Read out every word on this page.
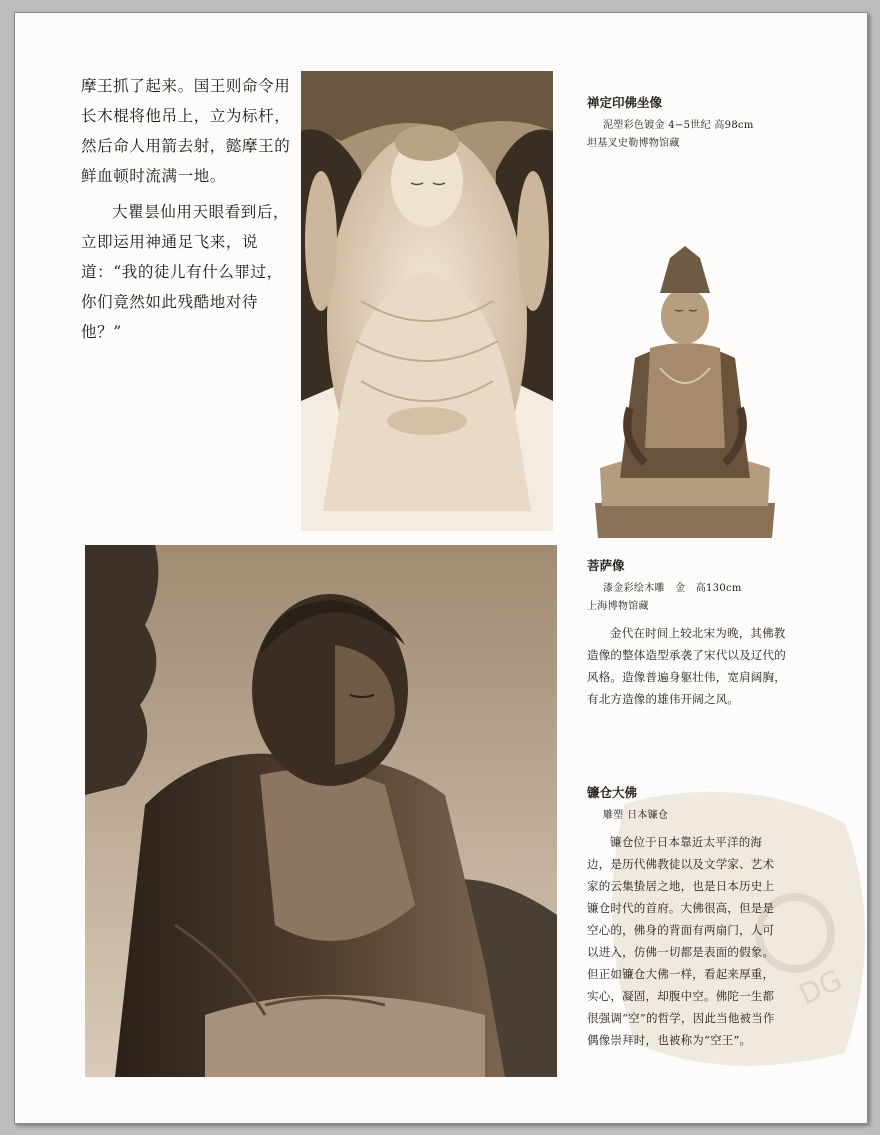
摩王抓了起来。国王则命令用长木棍将他吊上，立为标杆，然后命人用箭去射，懿摩王的鲜血顿时流满一地。

大瞿昙仙用天眼看到后，立即运用神通足飞来，说道：“我的徒儿有什么罪过，你们竟然如此残酷地对待他？”

禅定印佛坐像
泥塑彩色镀金 4−5世纪 高98cm
坦基叉史勒博物馆藏
菩萨像
漆金彩绘木雕　金　高130cm
上海博物馆藏
金代在时间上较北宋为晚，其佛教造像的整体造型承袭了宋代以及辽代的风格。造像普遍身躯壮伟，宽肩阔胸，有北方造像的雄伟开阔之风。
DG
镰仓大佛
雕塑 日本镰仓
镰仓位于日本靠近太平洋的海边，是历代佛教徒以及文学家、艺术家的云集蛰居之地，也是日本历史上镰仓时代的首府。大佛很高，但是是空心的，佛身的背面有两扇门，人可以进入，仿佛一切都是表面的假象。但正如镰仓大佛一样，看起来厚重，实心，凝固，却腹中空。佛陀一生都很强调“空”的哲学，因此当他被当作偶像崇拜时，也被称为“空王”。
